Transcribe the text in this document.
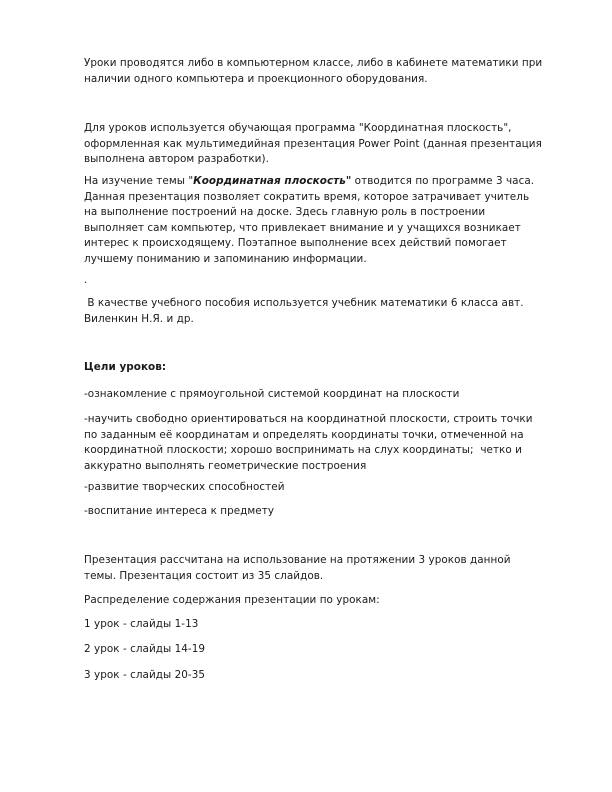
Уроки проводятся либо в компьютерном классе, либо в кабинете математики при
наличии одного компьютера и проекционного оборудования.

Для уроков используется обучающая программа "Координатная плоскость",
оформленная как мультимедийная презентация Power Point (данная презентация
выполнена автором разработки).

На изучение темы "Координатная плоскость" отводится по программе 3 часа.
Данная презентация позволяет сократить время, которое затрачивает учитель
на выполнение построений на доске. Здесь главную роль в построении
выполняет сам компьютер, что привлекает внимание и у учащихся возникает
интерес к происходящему. Поэтапное выполнение всех действий помогает
лучшему пониманию и запоминанию информации.

.

В качестве учебного пособия используется учебник математики 6 класса авт.
Виленкин Н.Я. и др.

Цели уроков:

-ознакомление с прямоугольной системой координат на плоскости

-научить свободно ориентироваться на координатной плоскости, строить точки
по заданным её координатам и определять координаты точки, отмеченной на
координатной плоскости; хорошо воспринимать на слух координаты;  четко и
аккуратно выполнять геометрические построения

-развитие творческих способностей

-воспитание интереса к предмету

Презентация рассчитана на использование на протяжении 3 уроков данной
темы. Презентация состоит из 35 слайдов.

Распределение содержания презентации по урокам:

1 урок - слайды 1-13

2 урок - слайды 14-19

3 урок - слайды 20-35
